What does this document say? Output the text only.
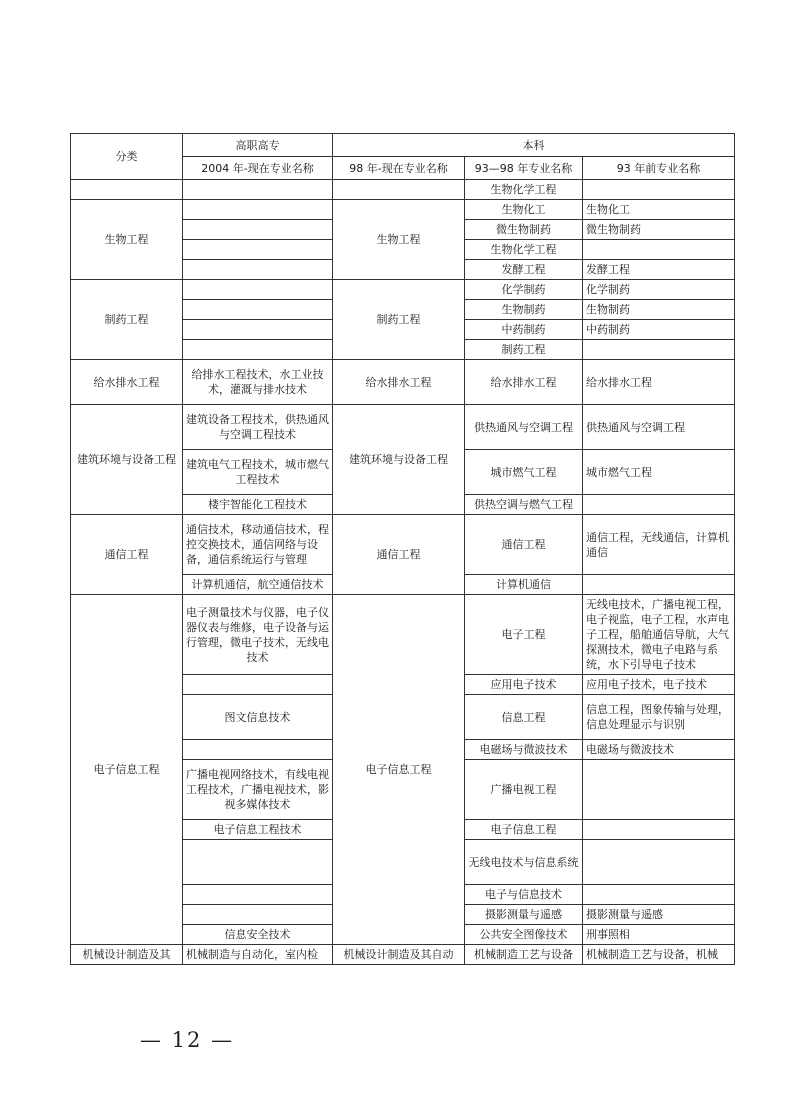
分类	高职高专	本科		
	2004 年-现在专业名称	98 年-现在专业名称	93—98 年专业名称	93 年前专业名称
			生物化学工程	
生物工程		生物工程	生物化工	生物化工
			微生物制药	微生物制药
			生物化学工程	
			发酵工程	发酵工程
制药工程		制药工程	化学制药	化学制药
			生物制药	生物制药
			中药制药	中药制药
			制药工程	
给水排水工程	给排水工程技术，水工业技术，灌溉与排水技术	给水排水工程	给水排水工程	给水排水工程
建筑环境与设备工程	建筑设备工程技术，供热通风与空调工程技术	建筑环境与设备工程	供热通风与空调工程	供热通风与空调工程
	建筑电气工程技术，城市燃气工程技术		城市燃气工程	城市燃气工程
	楼宇智能化工程技术		供热空调与燃气工程	
通信工程	通信技术，移动通信技术，程控交换技术，通信网络与设备，通信系统运行与管理	通信工程	通信工程	通信工程，无线通信，计算机通信
	计算机通信，航空通信技术		计算机通信	
电子信息工程	电子测量技术与仪器，电子仪器仪表与维修，电子设备与运行管理，微电子技术，无线电技术	电子信息工程	电子工程	无线电技术，广播电视工程，电子视监，电子工程，水声电子工程，船舶通信导航，大气探测技术，微电子电路与系统，水下引导电子技术
			应用电子技术	应用电子技术，电子技术
	图文信息技术		信息工程	信息工程，图象传输与处理，信息处理显示与识别
			电磁场与微波技术	电磁场与微波技术
	广播电视网络技术，有线电视工程技术，广播电视技术，影视多媒体技术		广播电视工程	
	电子信息工程技术		电子信息工程	
			无线电技术与信息系统	
			电子与信息技术	
			摄影测量与遥感	摄影测量与遥感
	信息安全技术		公共安全图像技术	刑事照相
机械设计制造及其	机械制造与自动化，室内检	机械设计制造及其自动	机械制造工艺与设备	机械制造工艺与设备，机械
— 12 —
